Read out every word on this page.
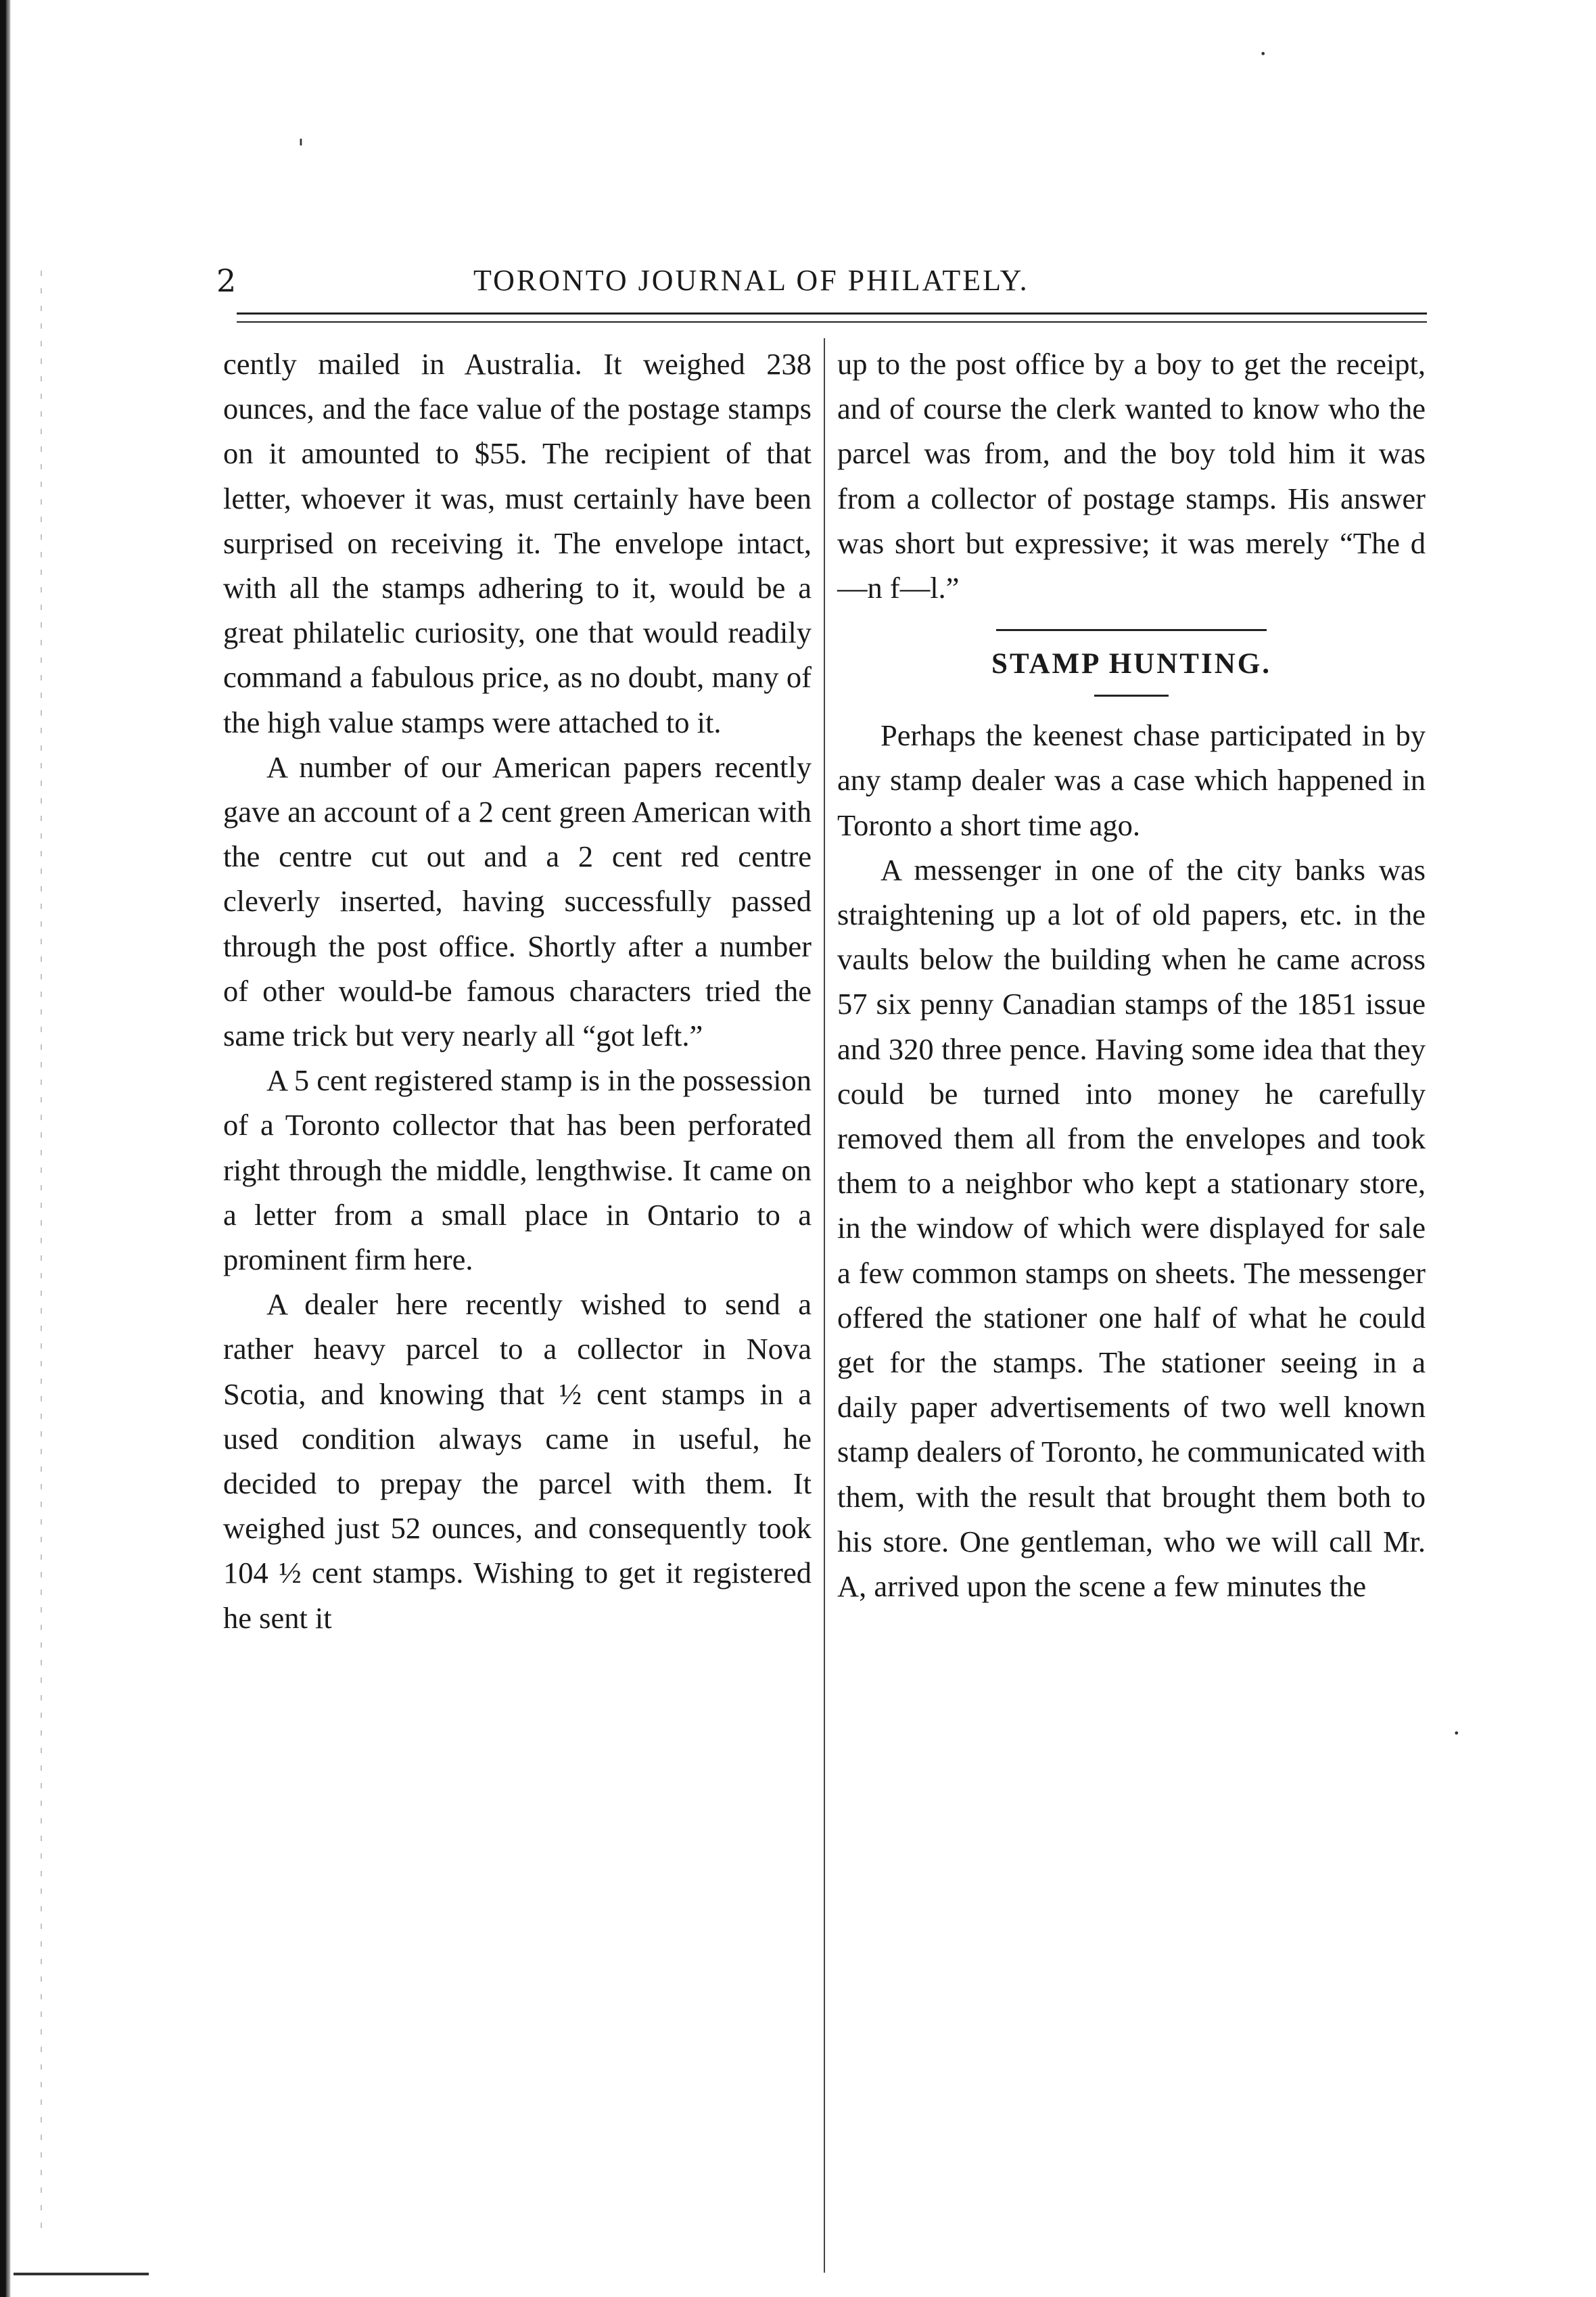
·
'
.
2	TORONTO JOURNAL OF PHILATELY.

cently mailed in Australia. It weighed 238 ounces, and the face value of the postage stamps on it amounted to $55. The recipient of that letter, whoever it was, must certainly have been surprised on receiving it. The envelope intact, with all the stamps adhering to it, would be a great philatelic curiosity, one that would readily command a fabulous price, as no doubt, many of the high value stamps were attached to it.

A number of our American papers recently gave an account of a 2 cent green American with the centre cut out and a 2 cent red centre cleverly inserted, having successfully passed through the post office. Shortly after a number of other would-be famous characters tried the same trick but very nearly all “got left.”

A 5 cent registered stamp is in the possession of a Toronto collector that has been perforated right through the middle, lengthwise. It came on a letter from a small place in Ontario to a prominent firm here.

A dealer here recently wished to send a rather heavy parcel to a collector in Nova Scotia, and knowing that ½ cent stamps in a used condition always came in useful, he decided to prepay the parcel with them. It weighed just 52 ounces, and consequently took 104 ½ cent stamps. Wishing to get it registered he sent it

up to the post office by a boy to get the receipt, and of course the clerk wanted to know who the parcel was from, and the boy told him it was from a collector of postage stamps. His answer was short but expressive; it was merely “The d—n f—l.”

STAMP HUNTING.

Perhaps the keenest chase participated in by any stamp dealer was a case which happened in Toronto a short time ago.

A messenger in one of the city banks was straightening up a lot of old papers, etc. in the vaults below the building when he came across 57 six penny Canadian stamps of the 1851 issue and 320 three pence. Having some idea that they could be turned into money he carefully removed them all from the envelopes and took them to a neighbor who kept a stationary store, in the window of which were displayed for sale a few common stamps on sheets. The messenger offered the stationer one half of what he could get for the stamps. The stationer seeing in a daily paper advertisements of two well known stamp dealers of Toronto, he communicated with them, with the result that brought them both to his store. One gentleman, who we will call Mr. A, arrived upon the scene a few minutes the
